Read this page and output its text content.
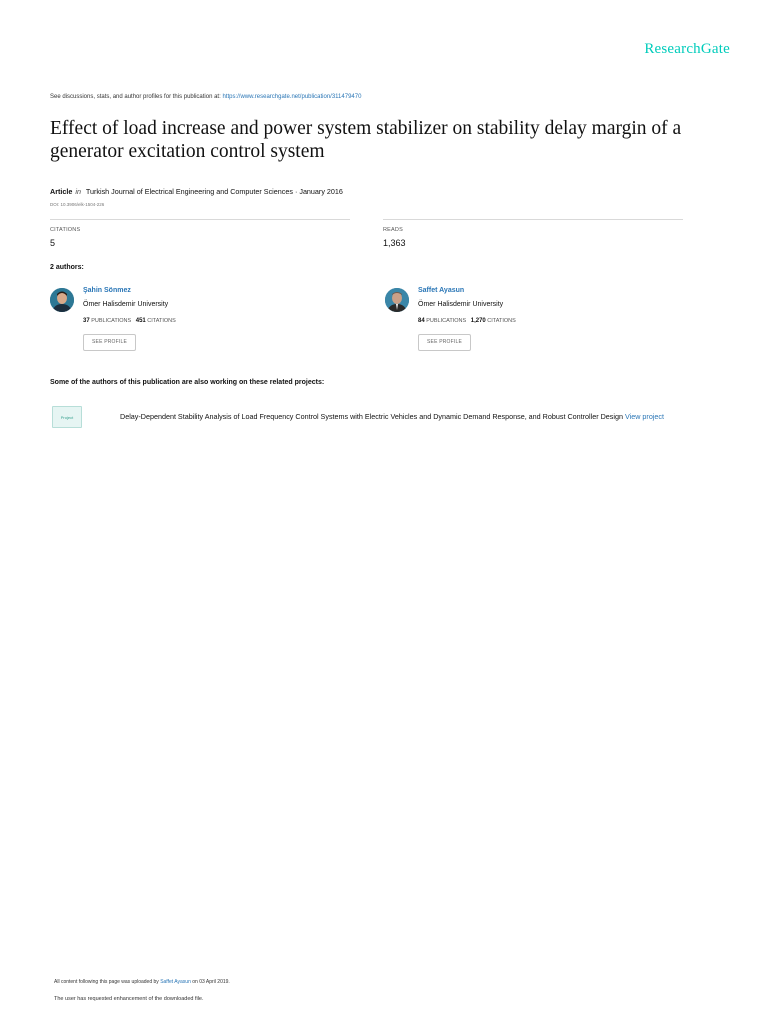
ResearchGate
See discussions, stats, and author profiles for this publication at: https://www.researchgate.net/publication/311479470
Effect of load increase and power system stabilizer on stability delay margin of a generator excitation control system
Article in Turkish Journal of Electrical Engineering and Computer Sciences · January 2016
DOI: 10.3906/elk-1504-226
CITATIONS
5
READS
1,363
2 authors:
Şahin Sönmez
Ömer Halisdemir University
37 PUBLICATIONS 451 CITATIONS
SEE PROFILE
Saffet Ayasun
Ömer Halisdemir University
84 PUBLICATIONS 1,270 CITATIONS
SEE PROFILE
Some of the authors of this publication are also working on these related projects:
Project	Delay-Dependent Stability Analysis of Load Frequency Control Systems with Electric Vehicles and Dynamic Demand Response, and Robust Controller Design View project
All content following this page was uploaded by Saffet Ayasun on 03 April 2019.
The user has requested enhancement of the downloaded file.
